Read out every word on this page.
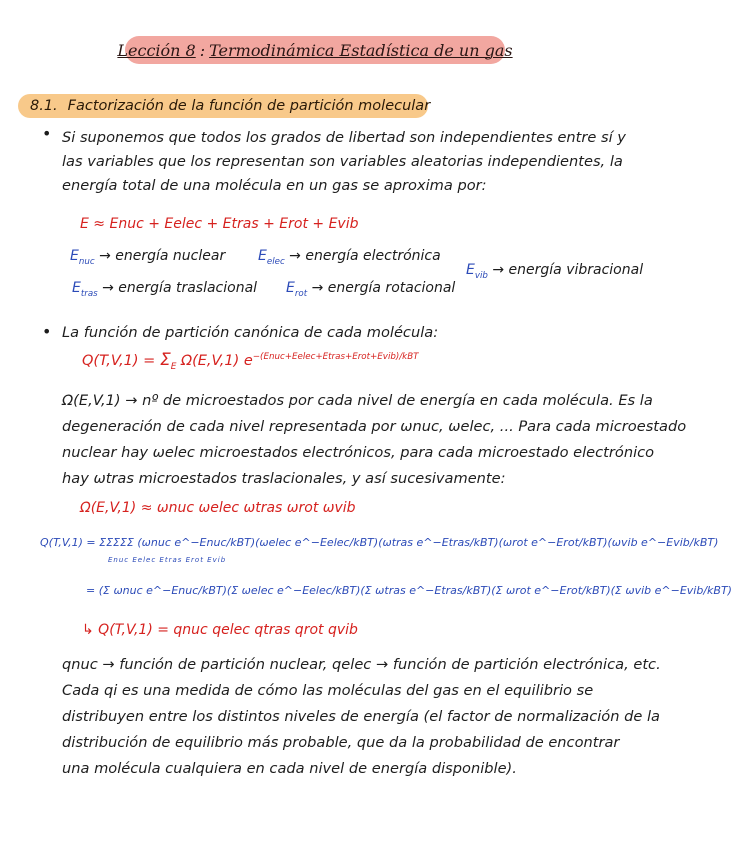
Lección 8 : Termodinámica Estadística de un gas
8.1. Factorización de la función de partición molecular
• Si suponemos que todos los grados de libertad son independientes entre sí y
las variables que los representan son variables aleatorias independientes, la
energía total de una molécula en un gas se aproxima por:
E ≈ Enuc + Eelec + Etras + Erot + Evib
$E_{nuc}$ → energía nuclear $E_{elec}$ → energía electrónica
$E_{vib}$ → energía vibracional
$E_{tras}$ → energía traslacional $E_{rot}$ → energía rotacional
• La función de partición canónica de cada molécula:
$Q(T,V,1) = \Sigma_E$ Ω(E,V,1) $e^{-(Enuc+Eelec+Etras+Erot+Evib)/kBT}$
Ω(E,V,1) → nº de microestados por cada nivel de energía en cada molécula. Es la
degeneración de cada nivel representada por ωnuc, ωelec, ... Para cada microestado
nuclear hay ωelec microestados electrónicos, para cada microestado electrónico
hay ωtras microestados traslacionales, y así sucesivamente:
Ω(E,V,1) ≈ ωnuc ωelec ωtras ωrot ωvib
Q(T,V,1) = ΣΣΣΣΣ (ωnuc e^−Enuc/kBT)(ωelec e^−Eelec/kBT)(ωtras e^−Etras/kBT)(ωrot e^−Erot/kBT)(ωvib e^−Evib/kBT)
Enuc Eelec Etras Erot Evib
= (Σ ωnuc e^−Enuc/kBT)(Σ ωelec e^−Eelec/kBT)(Σ ωtras e^−Etras/kBT)(Σ ωrot e^−Erot/kBT)(Σ ωvib e^−Evib/kBT)
↳ Q(T,V,1) = qnuc qelec qtras qrot qvib
qnuc → función de partición nuclear, qelec → función de partición electrónica, etc.
Cada qi es una medida de cómo las moléculas del gas en el equilibrio se
distribuyen entre los distintos niveles de energía (el factor de normalización de la
distribución de equilibrio más probable, que da la probabilidad de encontrar
una molécula cualquiera en cada nivel de energía disponible).
